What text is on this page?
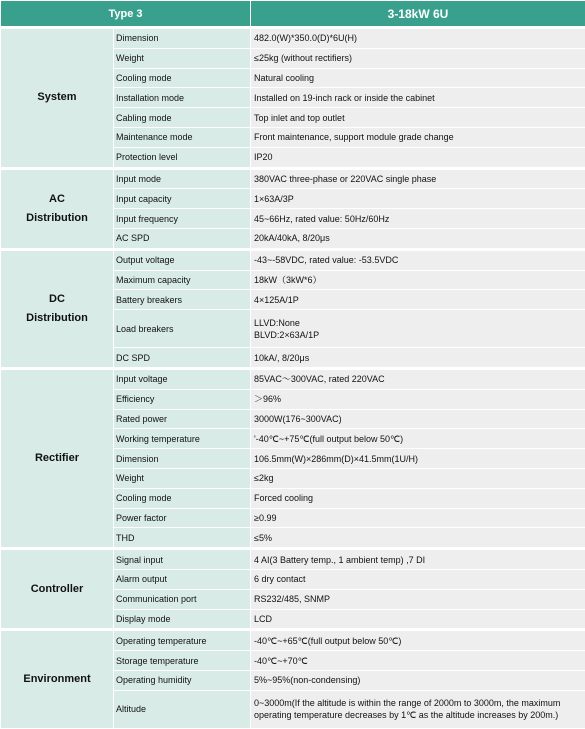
Type 3		3-18kW 6U

System	Dimension	482.0(W)*350.0(D)*6U(H)

	Weight	≤25kg (without rectifiers)

	Cooling mode	Natural cooling

	Installation mode	Installed on 19-inch rack or inside the cabinet

	Cabling mode	Top inlet and top outlet

	Maintenance mode	Front maintenance, support module grade change

	Protection level	IP20

AC
Distribution	Input mode	380VAC three-phase or 220VAC single phase

	Input capacity	1×63A/3P

	Input frequency	45~66Hz, rated value: 50Hz/60Hz

	AC SPD	20kA/40kA, 8/20μs

DC
Distribution	Output voltage	-43~-58VDC, rated value: -53.5VDC

	Maximum capacity	18kW（3kW*6）

	Battery breakers	4×125A/1P

	Load breakers	LLVD:None
BLVD:2×63A/1P

	DC SPD	10kA/, 8/20μs

Rectifier	Input voltage	85VAC～300VAC, rated 220VAC

	Efficiency	＞96%

	Rated power	3000W(176~300VAC)

	Working temperature	'-40℃~+75℃(full output below 50℃)

	Dimension	106.5mm(W)×286mm(D)×41.5mm(1U/H)

	Weight	≤2kg

	Cooling mode	Forced cooling

	Power factor	≥0.99

	THD	≤5%

Controller	Signal input	4 AI(3 Battery temp., 1 ambient temp) ,7 DI

	Alarm output	6 dry contact

	Communication port	RS232/485, SNMP

	Display mode	LCD

Environment	Operating temperature	-40℃~+65℃(full output below 50℃)

	Storage temperature	-40℃~+70℃

	Operating humidity	5%~95%(non-condensing)

	Altitude	0~3000m(If the altitude is within the range of 2000m to 3000m, the maximum
operating temperature decreases by 1℃ as the altitude increases by 200m.)
